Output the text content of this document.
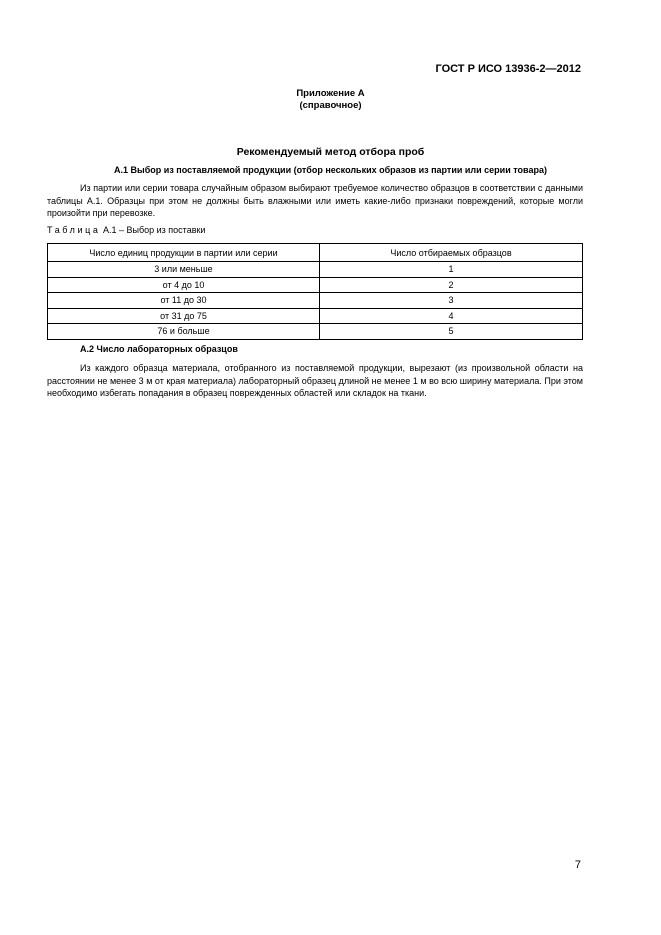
ГОСТ Р ИСО 13936-2—2012
Приложение А
(справочное)
Рекомендуемый метод отбора проб
А.1 Выбор из поставляемой продукции (отбор нескольких образов из партии или серии товара)
Из партии или серии товара случайным образом выбирают требуемое количество образцов в соответствии с данными таблицы А.1. Образцы при этом не должны быть влажными или иметь какие-либо признаки повреждений, которые могли произойти при перевозке.
Таблица А.1 – Выбор из поставки
Число единиц продукции в партии или серии	Число отбираемых образцов
3 или меньше	1
от 4 до 10	2
от 11 до 30	3
от 31 до 75	4
76 и больше	5
А.2 Число лабораторных образцов
Из каждого образца материала, отобранного из поставляемой продукции, вырезают (из произвольной области на расстоянии не менее 3 м от края материала) лабораторный образец длиной не менее 1 м во всю ширину материала. При этом необходимо избегать попадания в образец поврежденных областей или складок на ткани.
7
